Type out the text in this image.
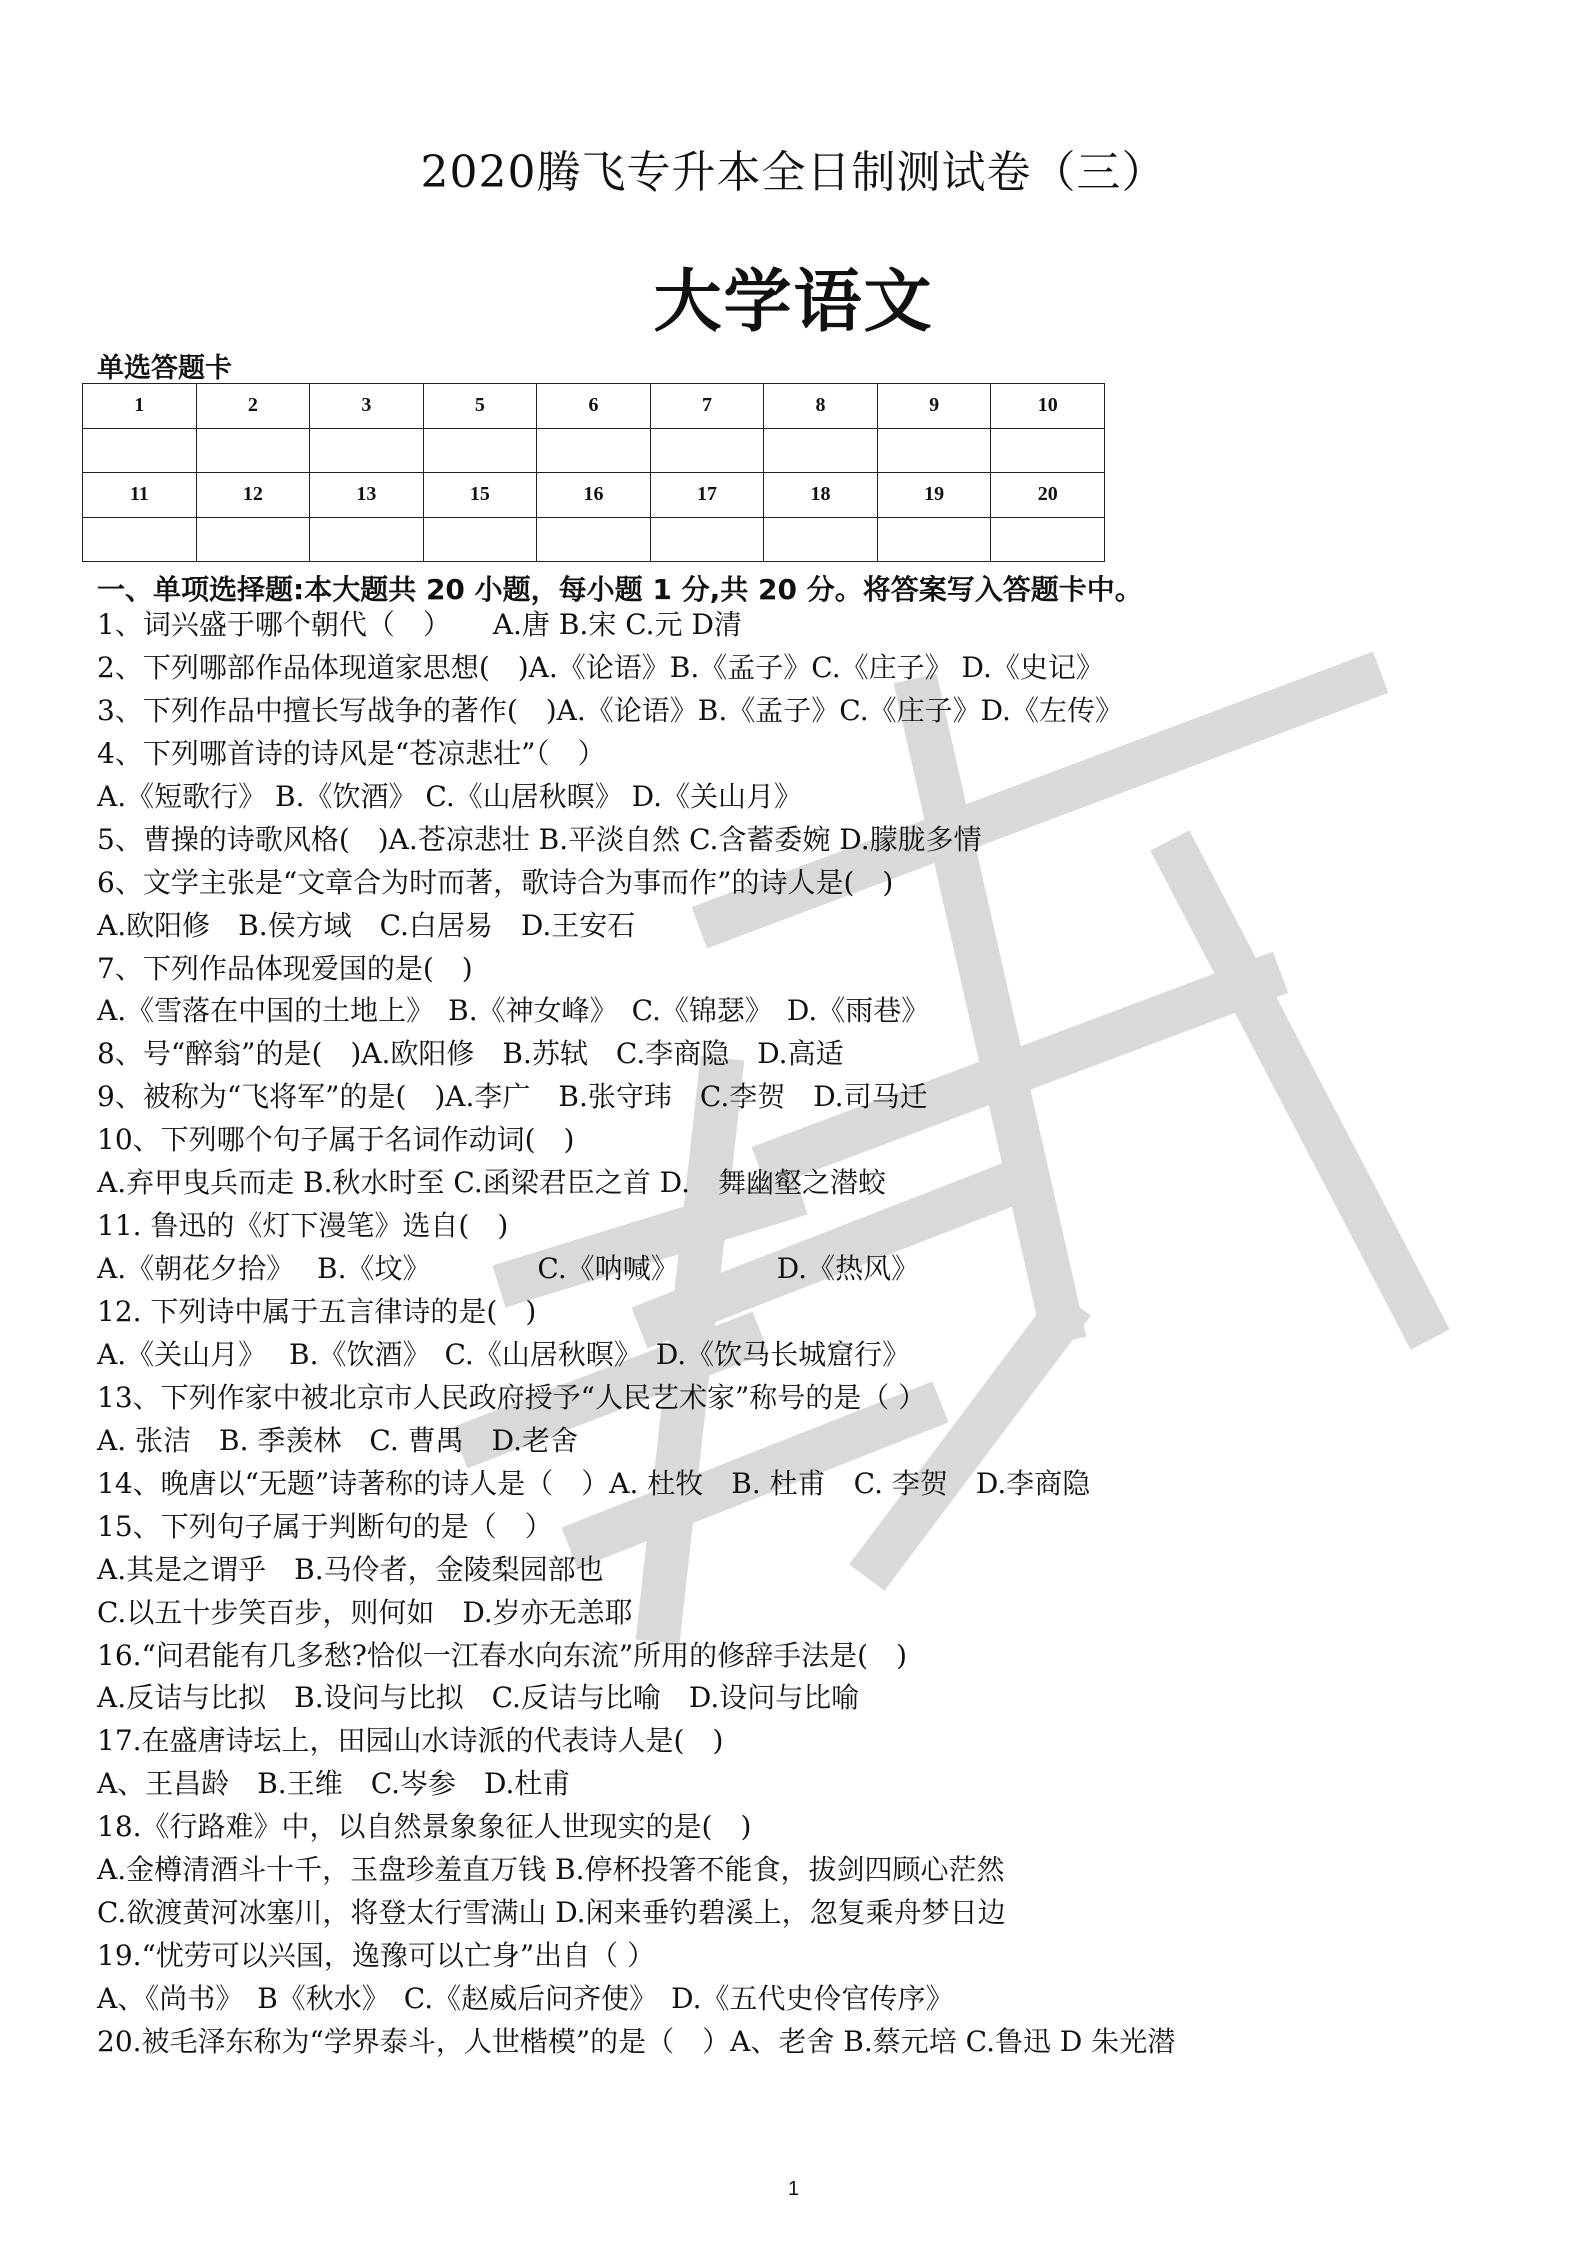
2020腾飞专升本全日制测试卷（三）
大学语文
单选答题卡
1	2	3	5	6	7	8	9	10

11	12	13	15	16	17	18	19	20

一、单项选择题:本大题共 20 小题，每小题 1 分,共 20 分。将答案写入答题卡中。
1、词兴盛于哪个朝代（　）　　A.唐 B.宋 C.元 D清
2、下列哪部作品体现道家思想(　)A.《论语》B.《孟子》C.《庄子》 D.《史记》
3、下列作品中擅长写战争的著作(　)A.《论语》B.《孟子》C.《庄子》D.《左传》
4、下列哪首诗的诗风是“苍凉悲壮”（　）
A.《短歌行》 B.《饮酒》 C.《山居秋暝》 D.《关山月》
5、曹操的诗歌风格(　)A.苍凉悲壮 B.平淡自然 C.含蓄委婉 D.朦胧多情
6、文学主张是“文章合为时而著，歌诗合为事而作”的诗人是(　)
A.欧阳修　B.侯方域　C.白居易　D.王安石
7、下列作品体现爱国的是(　)
A.《雪落在中国的土地上》　B.《神女峰》　C.《锦瑟》　D.《雨巷》
8、号“醉翁”的是(　)A.欧阳修　B.苏轼　C.李商隐　D.高适
9、被称为“飞将军”的是(　)A.李广　B.张守玮　C.李贺　D.司马迁
10、下列哪个句子属于名词作动词(　)
A.弃甲曳兵而走 B.秋水时至 C.函梁君臣之首 D.　舞幽壑之潜蛟
11. 鲁迅的《灯下漫笔》选自(　)
A.《朝花夕拾》　 B.《坟》　　　　 C.《呐喊》　　　　D.《热风》
12. 下列诗中属于五言律诗的是(　)
A.《关山月》　 B.《饮酒》　C.《山居秋暝》　D.《饮马长城窟行》
13、下列作家中被北京市人民政府授予“人民艺术家”称号的是（ ）
A. 张洁　B. 季羡林　C. 曹禺　D.老舍
14、晚唐以“无题”诗著称的诗人是（　）A. 杜牧　B. 杜甫　C. 李贺　D.李商隐
15、下列句子属于判断句的是（　）
A.其是之谓乎　B.马伶者，金陵梨园部也
C.以五十步笑百步，则何如　D.岁亦无恙耶
16.“问君能有几多愁?恰似一江春水向东流”所用的修辞手法是(　)
A.反诘与比拟　B.设问与比拟　C.反诘与比喻　D.设问与比喻
17.在盛唐诗坛上，田园山水诗派的代表诗人是(　)
A、王昌龄　B.王维　C.岑参　D.杜甫
18.《行路难》中，以自然景象象征人世现实的是(　)
A.金樽清酒斗十千，玉盘珍羞直万钱 B.停杯投箸不能食，拔剑四顾心茫然
C.欲渡黄河冰塞川，将登太行雪满山 D.闲来垂钓碧溪上，忽复乘舟梦日边
19.“忧劳可以兴国，逸豫可以亡身”出自（ ）
A、《尚书》　B《秋水》　C.《赵威后问齐使》　D.《五代史伶官传序》
20.被毛泽东称为“学界泰斗，人世楷模”的是（　）A、老舍 B.蔡元培 C.鲁迅 D 朱光潜
1
